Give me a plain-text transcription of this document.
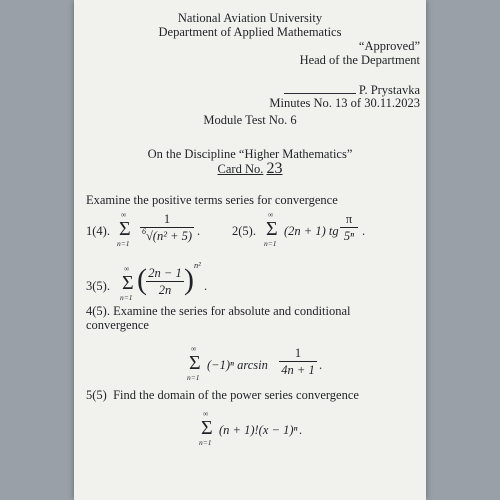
National Aviation University
Department of Applied Mathematics
“Approved”
Head of the Department
P. Prystavka
Minutes No. 13 of 30.11.2023
Module Test No. 6
On the Discipline “Higher Mathematics”
Card No. 23
Examine the positive terms series for convergence
1(4).
∞
Σ
$n=1 \frac{1}{^6√(n^2 + 5)}$ .	2(5).
∞
Σ
n=1
(2n + 1) tg $\frac{\pi}{\text{5ⁿ}}$ .
3(5).
∞
Σ
n=1
( $\frac{2n - 1}{2n}$ ) n²
.
4(5). Examine the series for absolute and conditional
convergence
∞
Σ
n=1
(−1)ⁿ $\arcsin \frac{1}{4n + 1}$ .
5(5) Find the domain of the power series convergence
∞
Σ
n=1
(n + 1)!(x − 1)ⁿ .
